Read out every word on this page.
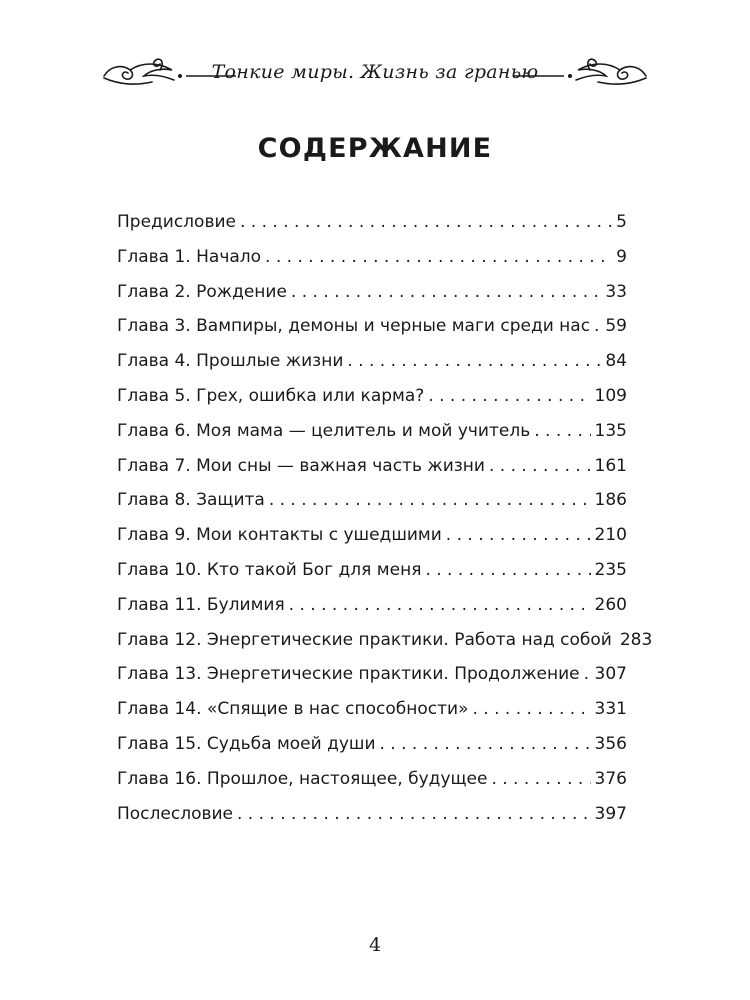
Тонкие миры. Жизнь за гранью
СОДЕРЖАНИЕ
Предисловие . . .	5
Глава 1. Начало . . .	9
Глава 2. Рождение . . .	33
Глава 3. Вампиры, демоны и черные маги среди нас . . . 59
Глава 4. Прошлые жизни . . .	84
Глава 5. Грех, ошибка или карма? . . .	109
Глава 6. Моя мама — целитель и мой учитель . . .	135
Глава 7. Мои сны — важная часть жизни . . .	161
Глава 8. Защита . . .	186
Глава 9. Мои контакты с ушедшими . . .	210
Глава 10. Кто такой Бог для меня . . .	235
Глава 11. Булимия . . .	260
Глава 12. Энергетические практики. Работа над собой 283
Глава 13. Энергетические практики. Продолжение . . . 307
Глава 14. «Спящие в нас способности» . . .	331
Глава 15. Судьба моей души . . .	356
Глава 16. Прошлое, настоящее, будущее . . .	376
Послесловие . . .	397
4
